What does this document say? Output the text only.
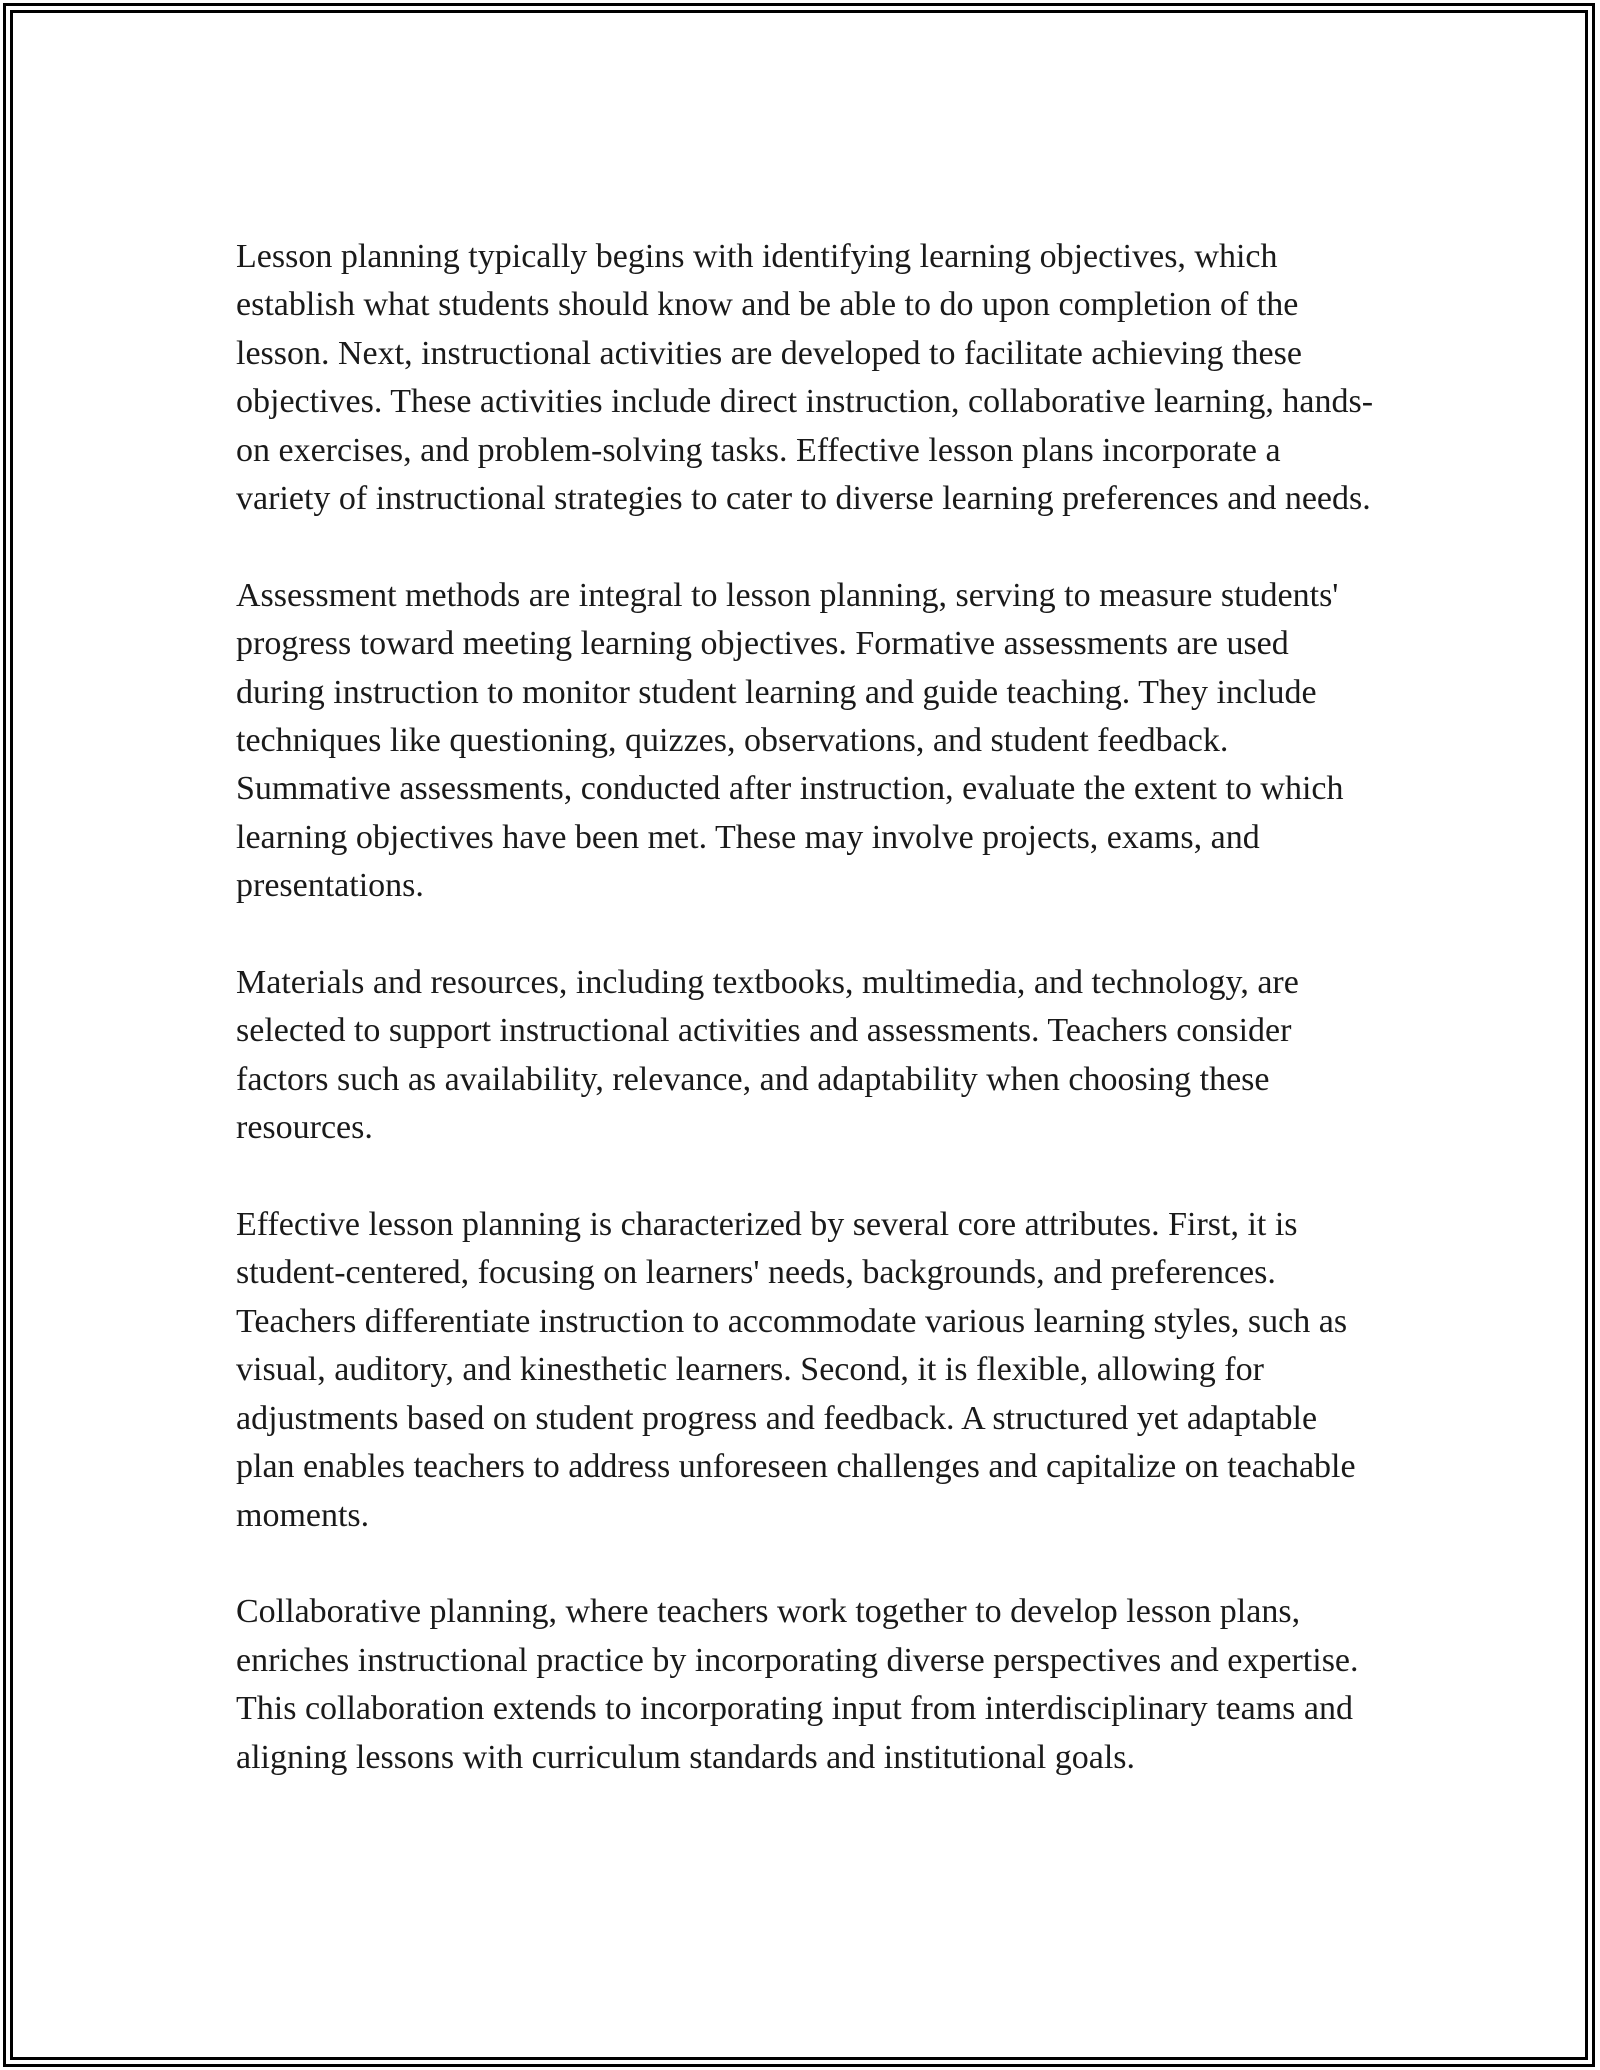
Lesson planning typically begins with identifying learning objectives, which establish what students should know and be able to do upon completion of the lesson. Next, instructional activities are developed to facilitate achieving these objectives. These activities include direct instruction, collaborative learning, hands-on exercises, and problem-solving tasks. Effective lesson plans incorporate a variety of instructional strategies to cater to diverse learning preferences and needs.

Assessment methods are integral to lesson planning, serving to measure students' progress toward meeting learning objectives. Formative assessments are used during instruction to monitor student learning and guide teaching. They include techniques like questioning, quizzes, observations, and student feedback. Summative assessments, conducted after instruction, evaluate the extent to which learning objectives have been met. These may involve projects, exams, and presentations.

Materials and resources, including textbooks, multimedia, and technology, are selected to support instructional activities and assessments. Teachers consider factors such as availability, relevance, and adaptability when choosing these resources.

Effective lesson planning is characterized by several core attributes. First, it is student-centered, focusing on learners' needs, backgrounds, and preferences. Teachers differentiate instruction to accommodate various learning styles, such as visual, auditory, and kinesthetic learners. Second, it is flexible, allowing for adjustments based on student progress and feedback. A structured yet adaptable plan enables teachers to address unforeseen challenges and capitalize on teachable moments.

Collaborative planning, where teachers work together to develop lesson plans, enriches instructional practice by incorporating diverse perspectives and expertise. This collaboration extends to incorporating input from interdisciplinary teams and aligning lessons with curriculum standards and institutional goals.
